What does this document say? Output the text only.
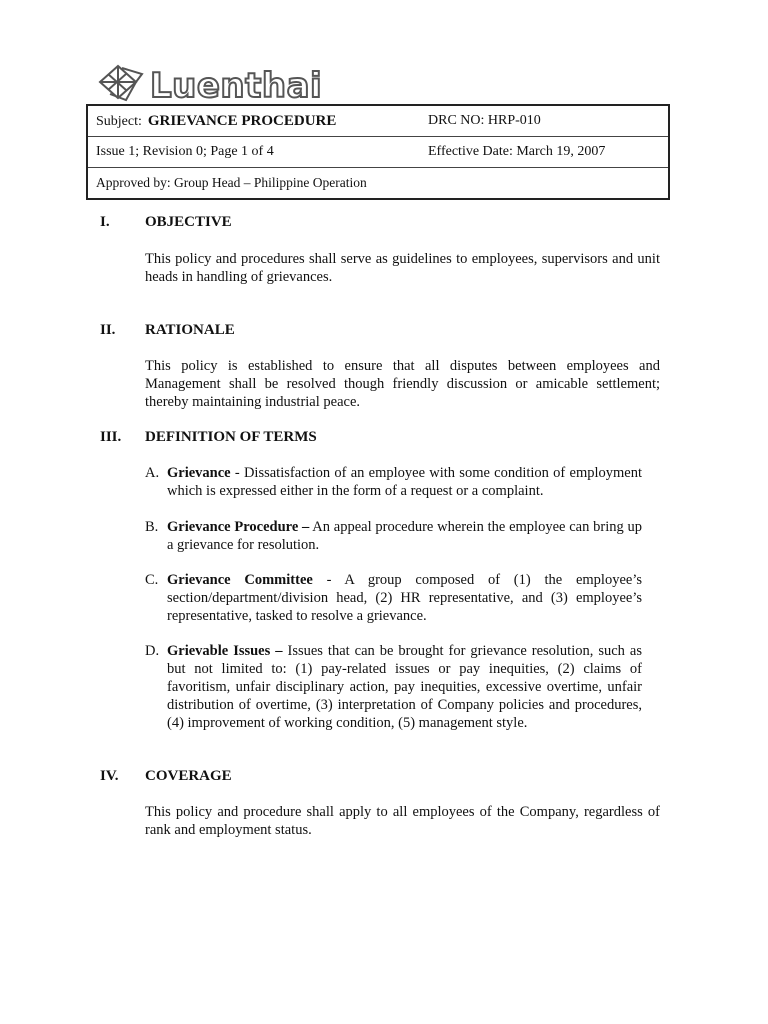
Luenthai
Subject: GRIEVANCE PROCEDURE	DRC NO: HRP-010
Issue 1; Revision 0; Page 1 of 4	Effective Date: March 19, 2007
Approved by: Group Head – Philippine Operation
I.	OBJECTIVE
This policy and procedures shall serve as guidelines to employees, supervisors and unit heads in handling of grievances.
II.	RATIONALE
This policy is established to ensure that all disputes between employees and Management shall be resolved though friendly discussion or amicable settlement; thereby maintaining industrial peace.
III.	DEFINITION OF TERMS
A. Grievance - Dissatisfaction of an employee with some condition of employment which is expressed either in the form of a request or a complaint.
B. Grievance Procedure – An appeal procedure wherein the employee can bring up a grievance for resolution.
C. Grievance Committee - A group composed of (1) the employee’s section/department/division head, (2) HR representative, and (3) employee’s representative, tasked to resolve a grievance.
D. Grievable Issues – Issues that can be brought for grievance resolution, such as but not limited to: (1) pay-related issues or pay inequities, (2) claims of favoritism, unfair disciplinary action, pay inequities, excessive overtime, unfair distribution of overtime, (3) interpretation of Company policies and procedures, (4) improvement of working condition, (5) management style.
IV.	COVERAGE
This policy and procedure shall apply to all employees of the Company, regardless of rank and employment status.
